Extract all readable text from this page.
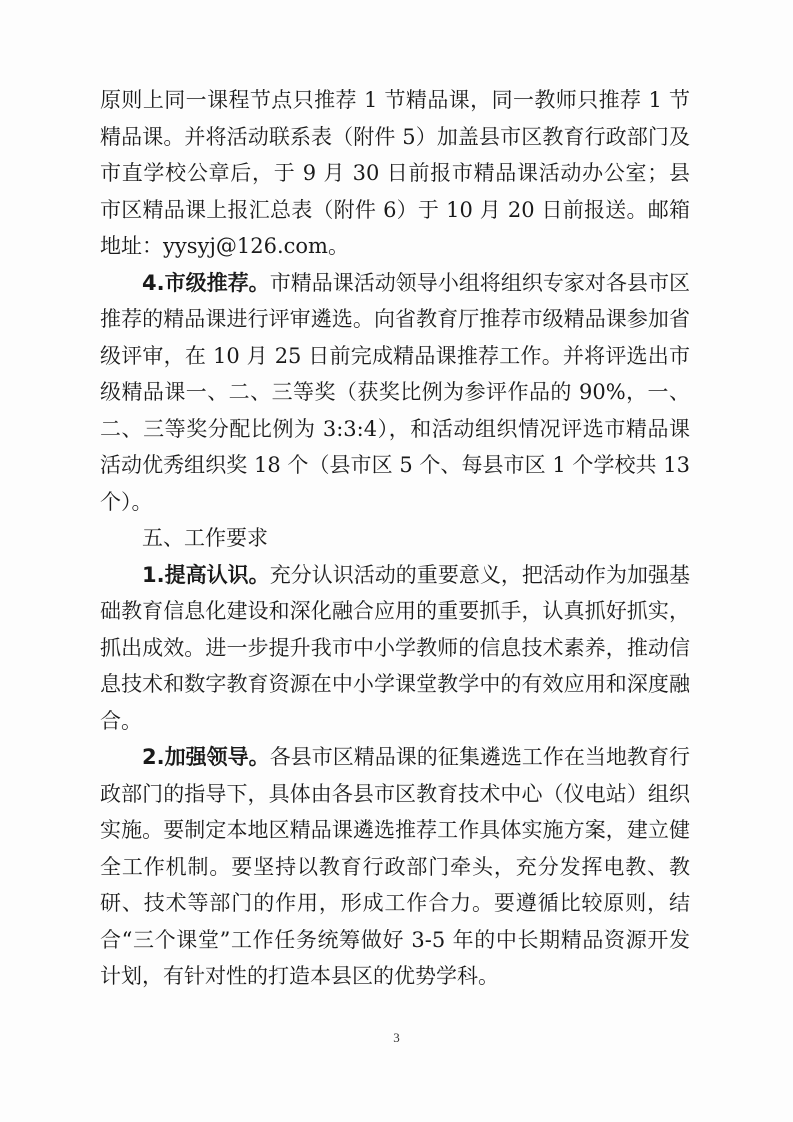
原则上同一课程节点只推荐 1 节精品课，同一教师只推荐 1 节精品课。并将活动联系表（附件 5）加盖县市区教育行政部门及市直学校公章后，于 9 月 30 日前报市精品课活动办公室；县市区精品课上报汇总表（附件 6）于 10 月 20 日前报送。邮箱地址：yysyj@126.com。

4.市级推荐。市精品课活动领导小组将组织专家对各县市区推荐的精品课进行评审遴选。向省教育厅推荐市级精品课参加省级评审，在 10 月 25 日前完成精品课推荐工作。并将评选出市级精品课一、二、三等奖（获奖比例为参评作品的 90%，一、二、三等奖分配比例为 3:3:4），和活动组织情况评选市精品课活动优秀组织奖 18 个（县市区 5 个、每县市区 1 个学校共 13 个）。

五、工作要求

1.提高认识。充分认识活动的重要意义，把活动作为加强基础教育信息化建设和深化融合应用的重要抓手，认真抓好抓实，抓出成效。进一步提升我市中小学教师的信息技术素养，推动信息技术和数字教育资源在中小学课堂教学中的有效应用和深度融合。

2.加强领导。各县市区精品课的征集遴选工作在当地教育行政部门的指导下，具体由各县市区教育技术中心（仪电站）组织实施。要制定本地区精品课遴选推荐工作具体实施方案，建立健全工作机制。要坚持以教育行政部门牵头，充分发挥电教、教研、技术等部门的作用，形成工作合力。要遵循比较原则，结合“三个课堂”工作任务统筹做好 3-5 年的中长期精品资源开发计划，有针对性的打造本县区的优势学科。

3
